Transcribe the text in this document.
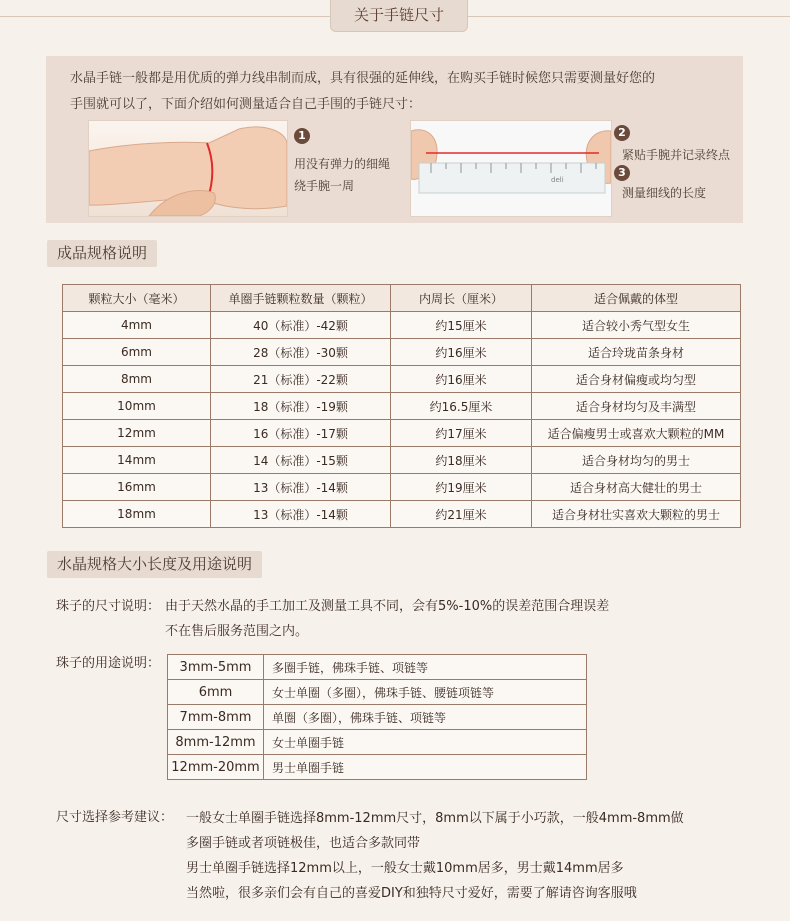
关于手链尺寸
水晶手链一般都是用优质的弹力线串制而成，具有很强的延伸线，在购买手链时候您只需要测量好您的
手围就可以了，下面介绍如何测量适合自己手围的手链尺寸：
1
用没有弹力的细绳
绕手腕一周	deli
2
紧贴手腕并记录终点
3
测量细线的长度
成品规格说明
颗粒大小（毫米）	单圈手链颗粒数量（颗粒）	内周长（厘米）	适合佩戴的体型
4mm	40（标准）-42颗	约15厘米	适合较小秀气型女生
6mm	28（标准）-30颗	约16厘米	适合玲珑苗条身材
8mm	21（标准）-22颗	约16厘米	适合身材偏瘦或均匀型
10mm	18（标准）-19颗	约16.5厘米	适合身材均匀及丰满型
12mm	16（标准）-17颗	约17厘米	适合偏瘦男士或喜欢大颗粒的MM
14mm	14（标准）-15颗	约18厘米	适合身材均匀的男士
16mm	13（标准）-14颗	约19厘米	适合身材高大健壮的男士
18mm	13（标准）-14颗	约21厘米	适合身材壮实喜欢大颗粒的男士
水晶规格大小长度及用途说明
珠子的尺寸说明： 由于天然水晶的手工加工及测量工具不同，会有5%-10%的误差范围合理误差
不在售后服务范围之内。
珠子的用途说明： 3mm-5mm	多圈手链，佛珠手链、项链等
6mm	女士单圈（多圈），佛珠手链、腰链项链等
7mm-8mm	单圈（多圈），佛珠手链、项链等
8mm-12mm	女士单圈手链
12mm-20mm	男士单圈手链
尺寸选择参考建议： 一般女士单圈手链选择8mm-12mm尺寸，8mm以下属于小巧款，一般4mm-8mm做
多圈手链或者项链极佳，也适合多款同带
男士单圈手链选择12mm以上，一般女士戴10mm居多，男士戴14mm居多
当然啦，很多亲们会有自己的喜爱DIY和独特尺寸爱好，需要了解请咨询客服哦
